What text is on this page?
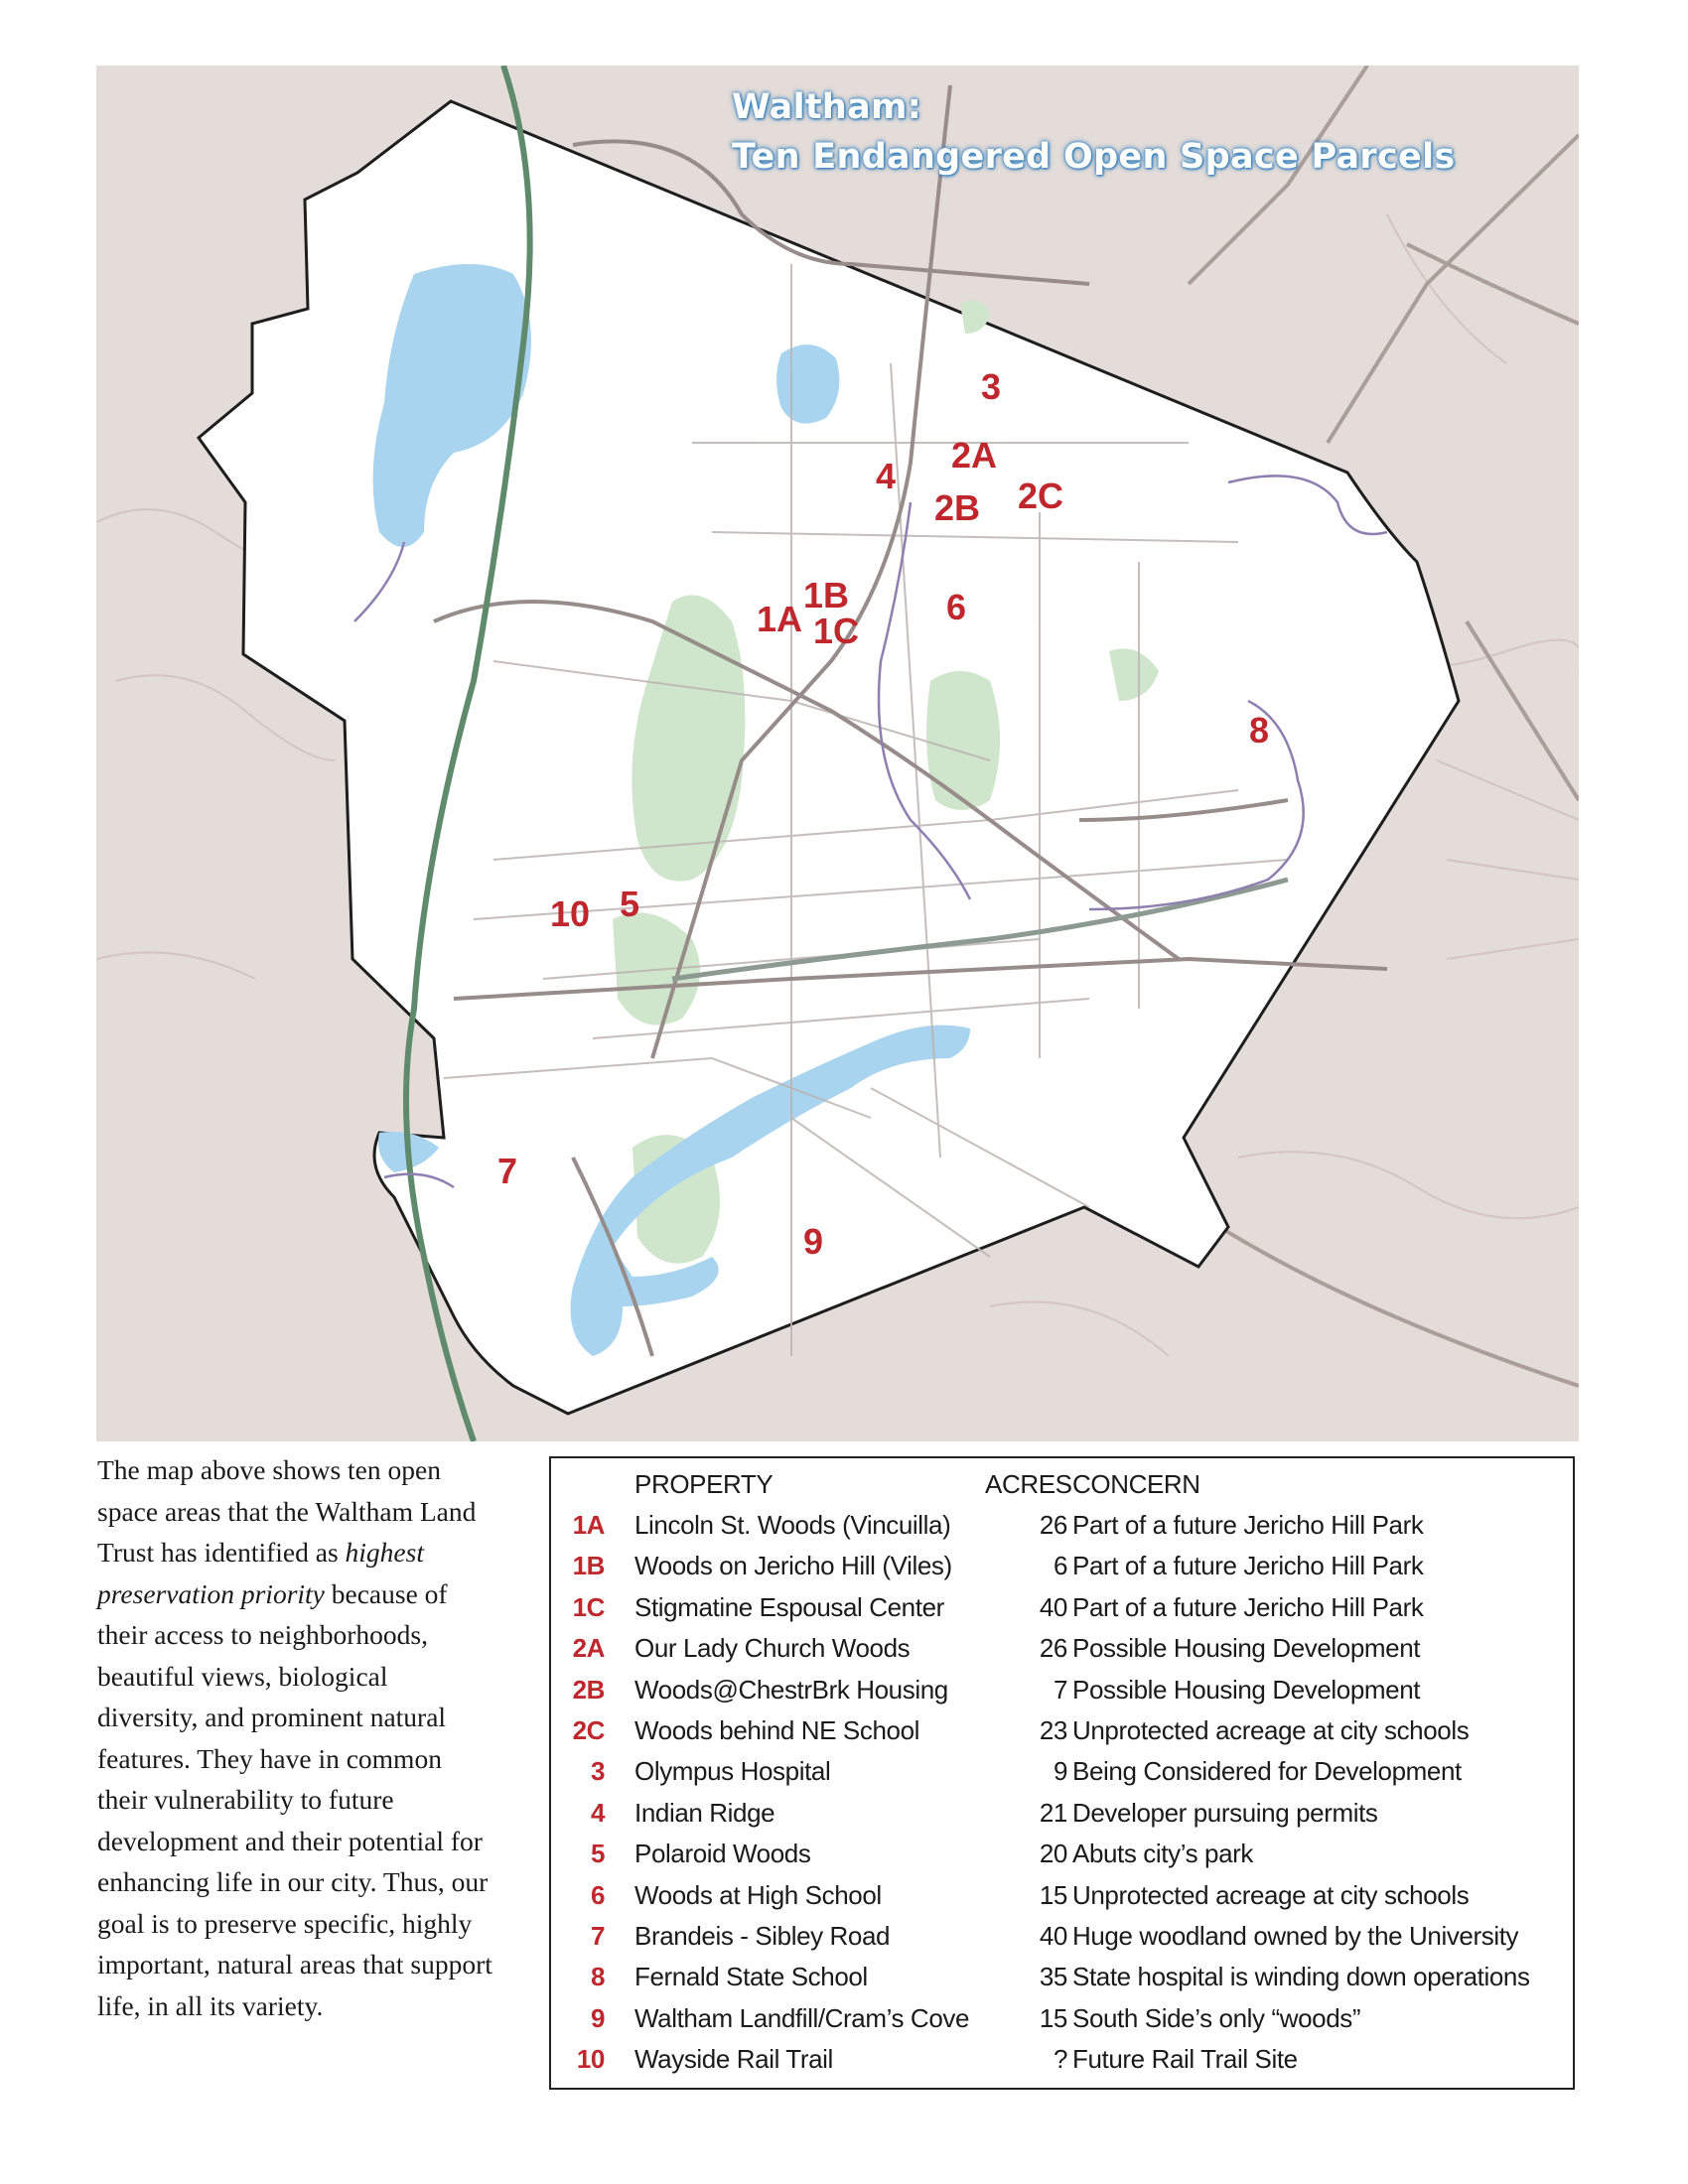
Waltham:
Ten Endangered Open Space Parcels
1A
1B
1C
2A
2B 2C
3
4
5
6
7
8
9
10
The map above shows ten open space areas that the Waltham Land Trust has identified as highest preservation priority because of their access to neighborhoods, beautiful views, biological diversity, and prominent natural features. They have in common their vulnerability to future development and their potential for enhancing life in our city. Thus, our goal is to preserve specific, highly important, natural areas that support life, in all its variety.
PROPERTY	ACRES CONCERN
1A Lincoln St. Woods (Vincuilla)	26 Part of a future Jericho Hill Park
1B Woods on Jericho Hill (Viles)	6 Part of a future Jericho Hill Park
1C Stigmatine Espousal Center	40 Part of a future Jericho Hill Park
2A Our Lady Church Woods	26 Possible Housing Development
2B Woods@ChestrBrk Housing	7 Possible Housing Development
2C Woods behind NE School	23 Unprotected acreage at city schools
3 Olympus Hospital	9 Being Considered for Development
4 Indian Ridge	21 Developer pursuing permits
5 Polaroid Woods	20 Abuts city’s park
6 Woods at High School	15 Unprotected acreage at city schools
7 Brandeis - Sibley Road	40 Huge woodland owned by the University
8 Fernald State School	35 State hospital is winding down operations
9 Waltham Landfill/Cram’s Cove	15 South Side’s only “woods”
10 Wayside Rail Trail	? Future Rail Trail Site
